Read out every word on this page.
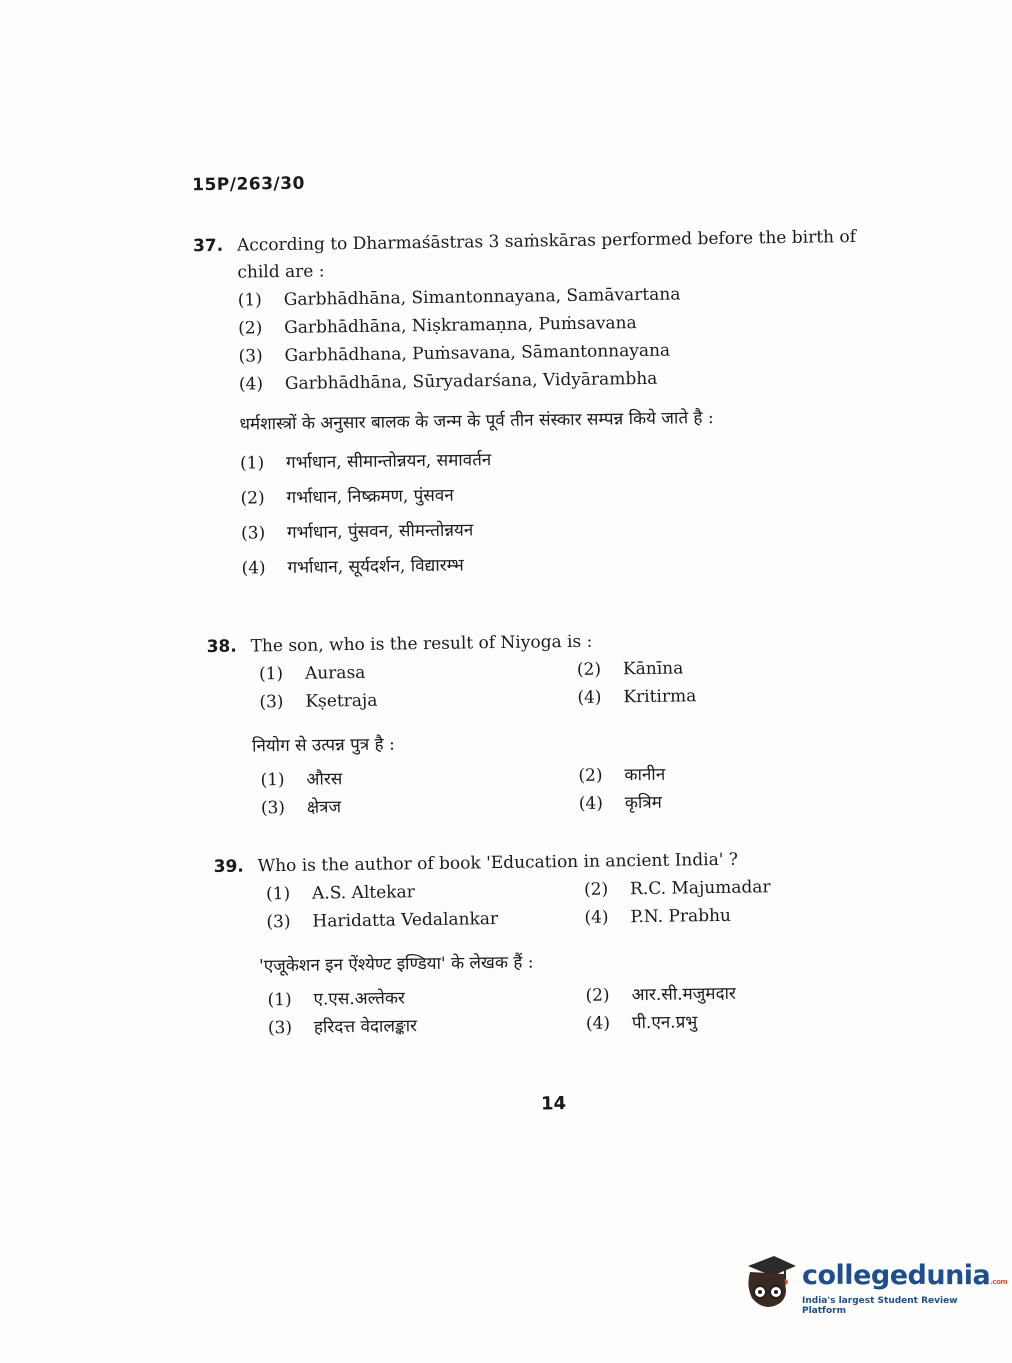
15P/263/30
37. According to Dharmaśāstras 3 saṁskāras performed before the birth of child are :
(1)	Garbhādhāna, Simantonnayana, Samāvartana
(2)	Garbhādhāna, Niṣkramaṇna, Puṁsavana
(3)	Garbhādhana, Puṁsavana, Sāmantonnayana
(4)	Garbhādhāna, Sūryadarśana, Vidyārambha
धर्मशास्त्रों के अनुसार बालक के जन्म के पूर्व तीन संस्कार सम्पन्न किये जाते है :
(1)	गर्भाधान, सीमान्तोन्नयन, समावर्तन
(2)	गर्भाधान, निष्क्रमण, पुंसवन
(3)	गर्भाधान, पुंसवन, सीमन्तोन्नयन
(4)	गर्भाधान, सूर्यदर्शन, विद्यारम्भ
38. The son, who is the result of Niyoga is :
(1)	Aurasa	(2)	Kānīna
(3)	Kṣetraja	(4)	Kritirma
नियोग से उत्पन्न पुत्र है :
(1)	औरस	(2)	कानीन
(3)	क्षेत्रज	(4)	कृत्रिम
39. Who is the author of book 'Education in ancient India' ?
(1)	A.S. Altekar	(2)	R.C. Majumadar
(3)	Haridatta Vedalankar	(4)	P.N. Prabhu
'एजूकेशन इन ऐंश्येण्ट इण्डिया' के लेखक हैं :
(1)	ए.एस.अल्तेकर	(2)	आर.सी.मजुमदार
(3)	हरिदत्त वेदालङ्कार	(4)	पी.एन.प्रभु
14
collegedunia.com
India's largest Student Review Platform
